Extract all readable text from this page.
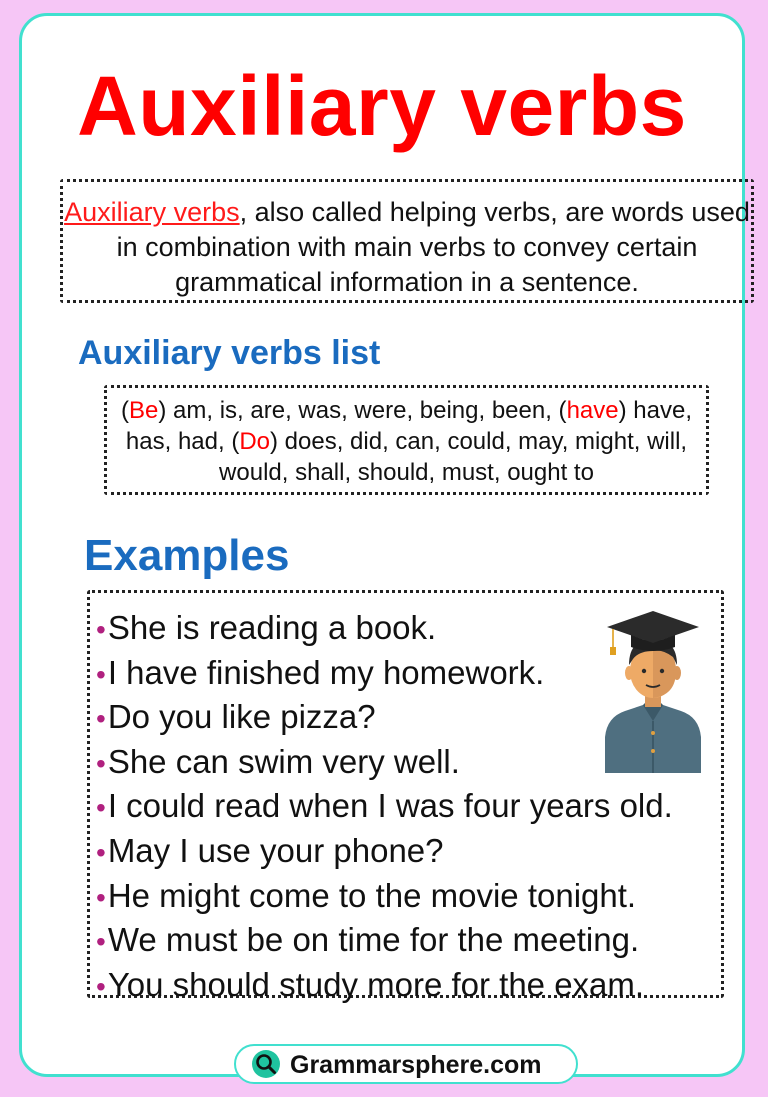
Auxiliary verbs
Auxiliary verbs, also called helping verbs, are words used in combination with main verbs to convey certain grammatical information in a sentence.
Auxiliary verbs list
(Be) am, is, are, was, were, being, been, (have) have, has, had, (Do) does, did, can, could, may, might, will, would, shall, should, must, ought to
Examples
•She is reading a book.
•I have finished my homework.
•Do you like pizza?
•She can swim very well.
•I could read when I was four years old.
•May I use your phone?
•He might come to the movie tonight.
•We must be on time for the meeting.
•You should study more for the exam.
Grammarsphere.com
